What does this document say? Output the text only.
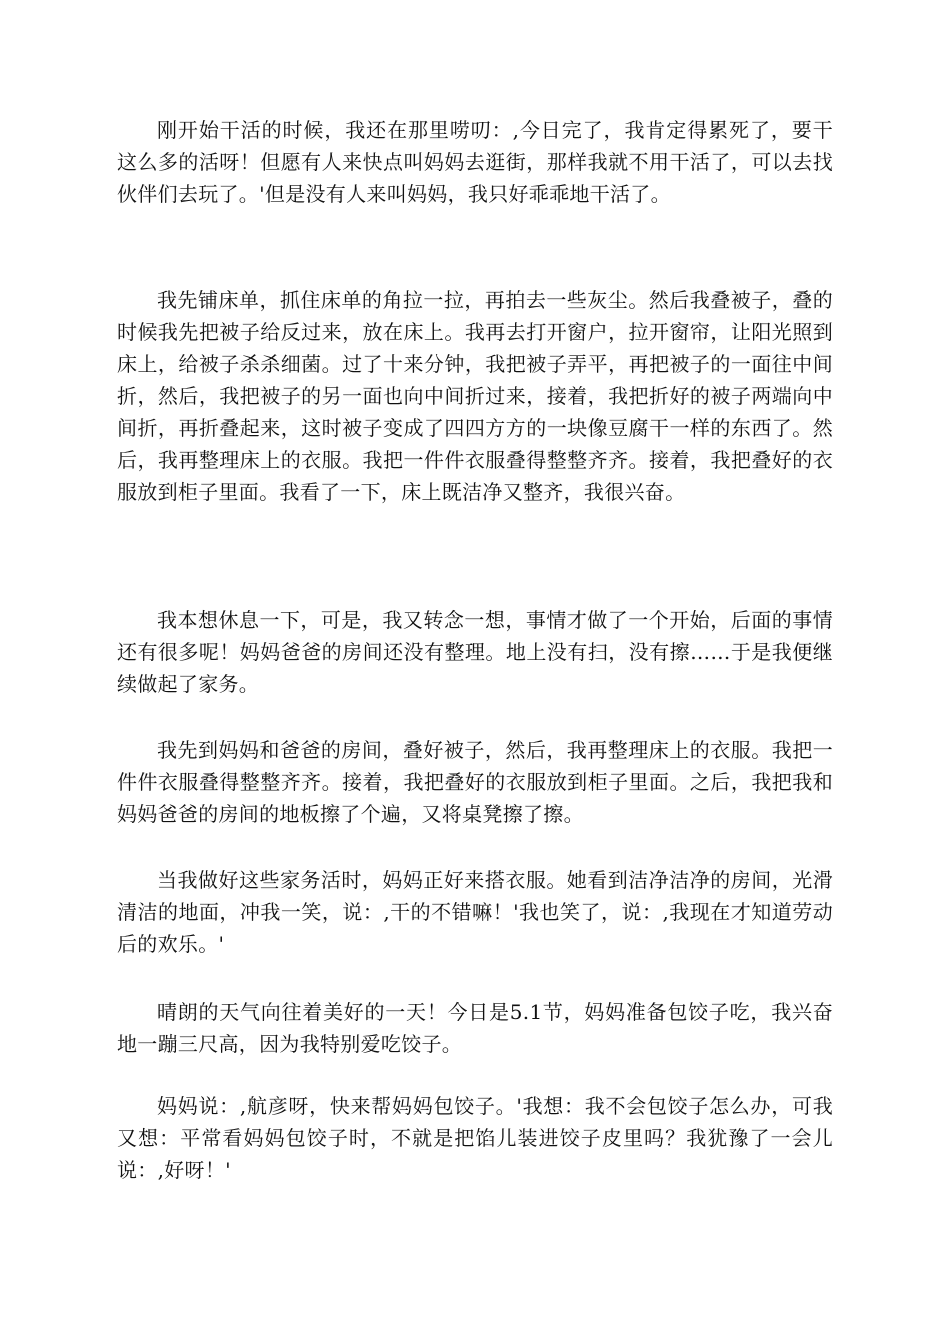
刚开始干活的时候，我还在那里唠叨：,今日完了，我肯定得累死了，要干这么多的活呀！但愿有人来快点叫妈妈去逛街，那样我就不用干活了，可以去找伙伴们去玩了。'但是没有人来叫妈妈，我只好乖乖地干活了。

我先铺床单，抓住床单的角拉一拉，再拍去一些灰尘。然后我叠被子，叠的时候我先把被子给反过来，放在床上。我再去打开窗户，拉开窗帘，让阳光照到床上，给被子杀杀细菌。过了十来分钟，我把被子弄平，再把被子的一面往中间折，然后，我把被子的另一面也向中间折过来，接着，我把折好的被子两端向中间折，再折叠起来，这时被子变成了四四方方的一块像豆腐干一样的东西了。然后，我再整理床上的衣服。我把一件件衣服叠得整整齐齐。接着，我把叠好的衣服放到柜子里面。我看了一下，床上既洁净又整齐，我很兴奋。

我本想休息一下，可是，我又转念一想，事情才做了一个开始，后面的事情还有很多呢！妈妈爸爸的房间还没有整理。地上没有扫，没有擦……于是我便继续做起了家务。

我先到妈妈和爸爸的房间，叠好被子，然后，我再整理床上的衣服。我把一件件衣服叠得整整齐齐。接着，我把叠好的衣服放到柜子里面。之后，我把我和妈妈爸爸的房间的地板擦了个遍，又将桌凳擦了擦。

当我做好这些家务活时，妈妈正好来搭衣服。她看到洁净洁净的房间，光滑清洁的地面，冲我一笑，说：,干的不错嘛！'我也笑了，说：,我现在才知道劳动后的欢乐。'

晴朗的天气向往着美好的一天！今日是5.1节，妈妈准备包饺子吃，我兴奋地一蹦三尺高，因为我特别爱吃饺子。

妈妈说：,航彦呀，快来帮妈妈包饺子。'我想：我不会包饺子怎么办，可我又想：平常看妈妈包饺子时，不就是把馅儿装进饺子皮里吗？我犹豫了一会儿说：,好呀！'
